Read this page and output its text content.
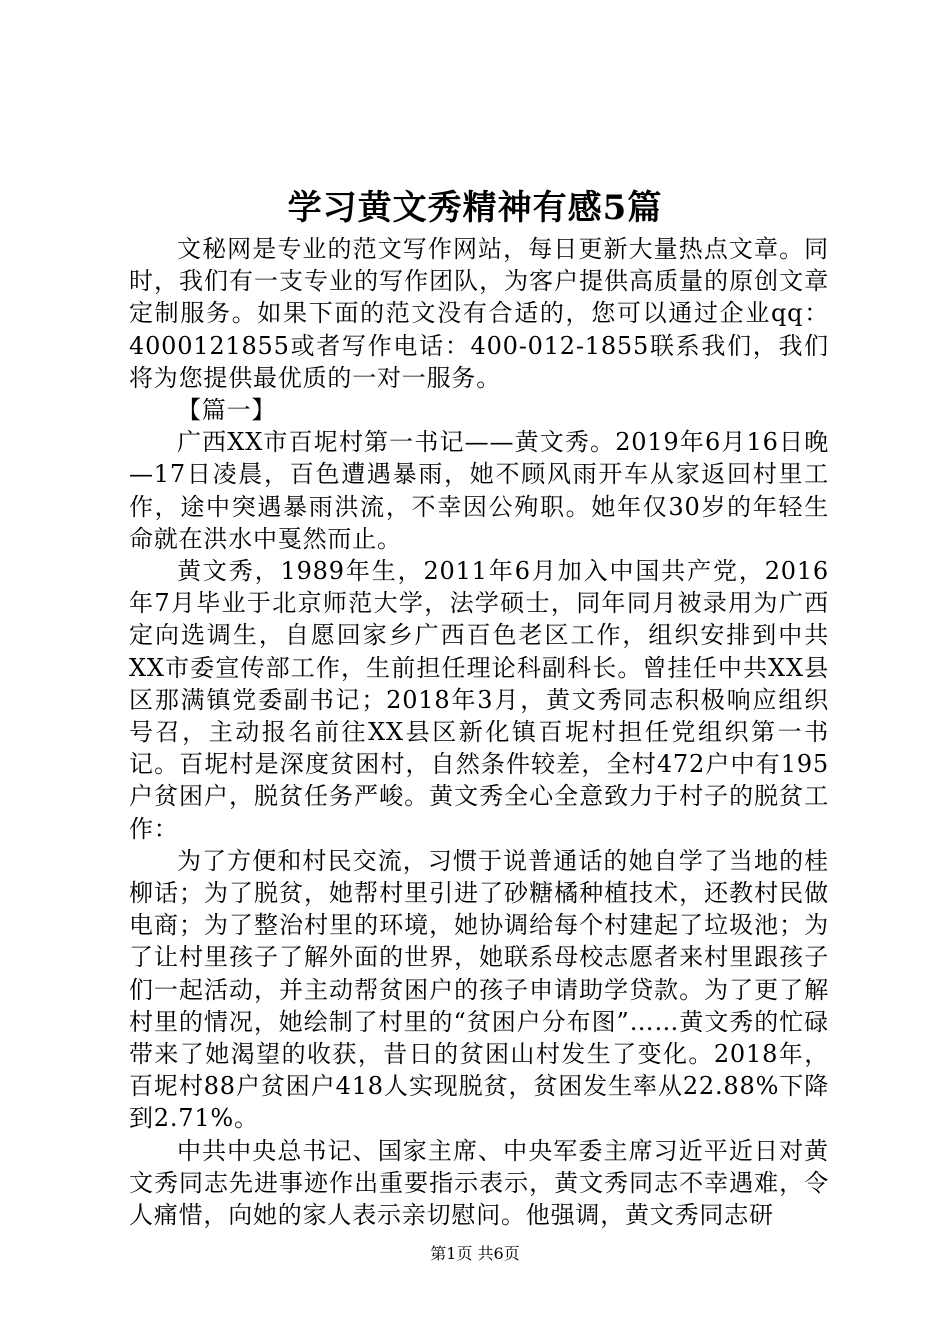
学习黄文秀精神有感5篇

文秘网是专业的范文写作网站，每日更新大量热点文章。同时，我们有一支专业的写作团队，为客户提供高质量的原创文章定制服务。如果下面的范文没有合适的，您可以通过企业qq：4000121855或者写作电话：400-012-1855联系我们，我们将为您提供最优质的一对一服务。

【篇一】

广西XX市百坭村第一书记——黄文秀。2019年6月16日晚—17日凌晨，百色遭遇暴雨，她不顾风雨开车从家返回村里工作，途中突遇暴雨洪流，不幸因公殉职。她年仅30岁的年轻生命就在洪水中戛然而止。

黄文秀，1989年生，2011年6月加入中国共产党，2016年7月毕业于北京师范大学，法学硕士，同年同月被录用为广西定向选调生，自愿回家乡广西百色老区工作，组织安排到中共XX市委宣传部工作，生前担任理论科副科长。曾挂任中共XX县区那满镇党委副书记；2018年3月，黄文秀同志积极响应组织号召，主动报名前往XX县区新化镇百坭村担任党组织第一书记。百坭村是深度贫困村，自然条件较差，全村472户中有195户贫困户，脱贫任务严峻。黄文秀全心全意致力于村子的脱贫工作：

为了方便和村民交流，习惯于说普通话的她自学了当地的桂柳话；为了脱贫，她帮村里引进了砂糖橘种植技术，还教村民做电商；为了整治村里的环境，她协调给每个村建起了垃圾池；为了让村里孩子了解外面的世界，她联系母校志愿者来村里跟孩子们一起活动，并主动帮贫困户的孩子申请助学贷款。为了更了解村里的情况，她绘制了村里的“贫困户分布图”……黄文秀的忙碌带来了她渴望的收获，昔日的贫困山村发生了变化。2018年，百坭村88户贫困户418人实现脱贫，贫困发生率从22.88%下降到2.71%。

中共中央总书记、国家主席、中央军委主席习近平近日对黄文秀同志先进事迹作出重要指示表示，黄文秀同志不幸遇难，令人痛惜，向她的家人表示亲切慰问。他强调，黄文秀同志研

第1页 共6页
